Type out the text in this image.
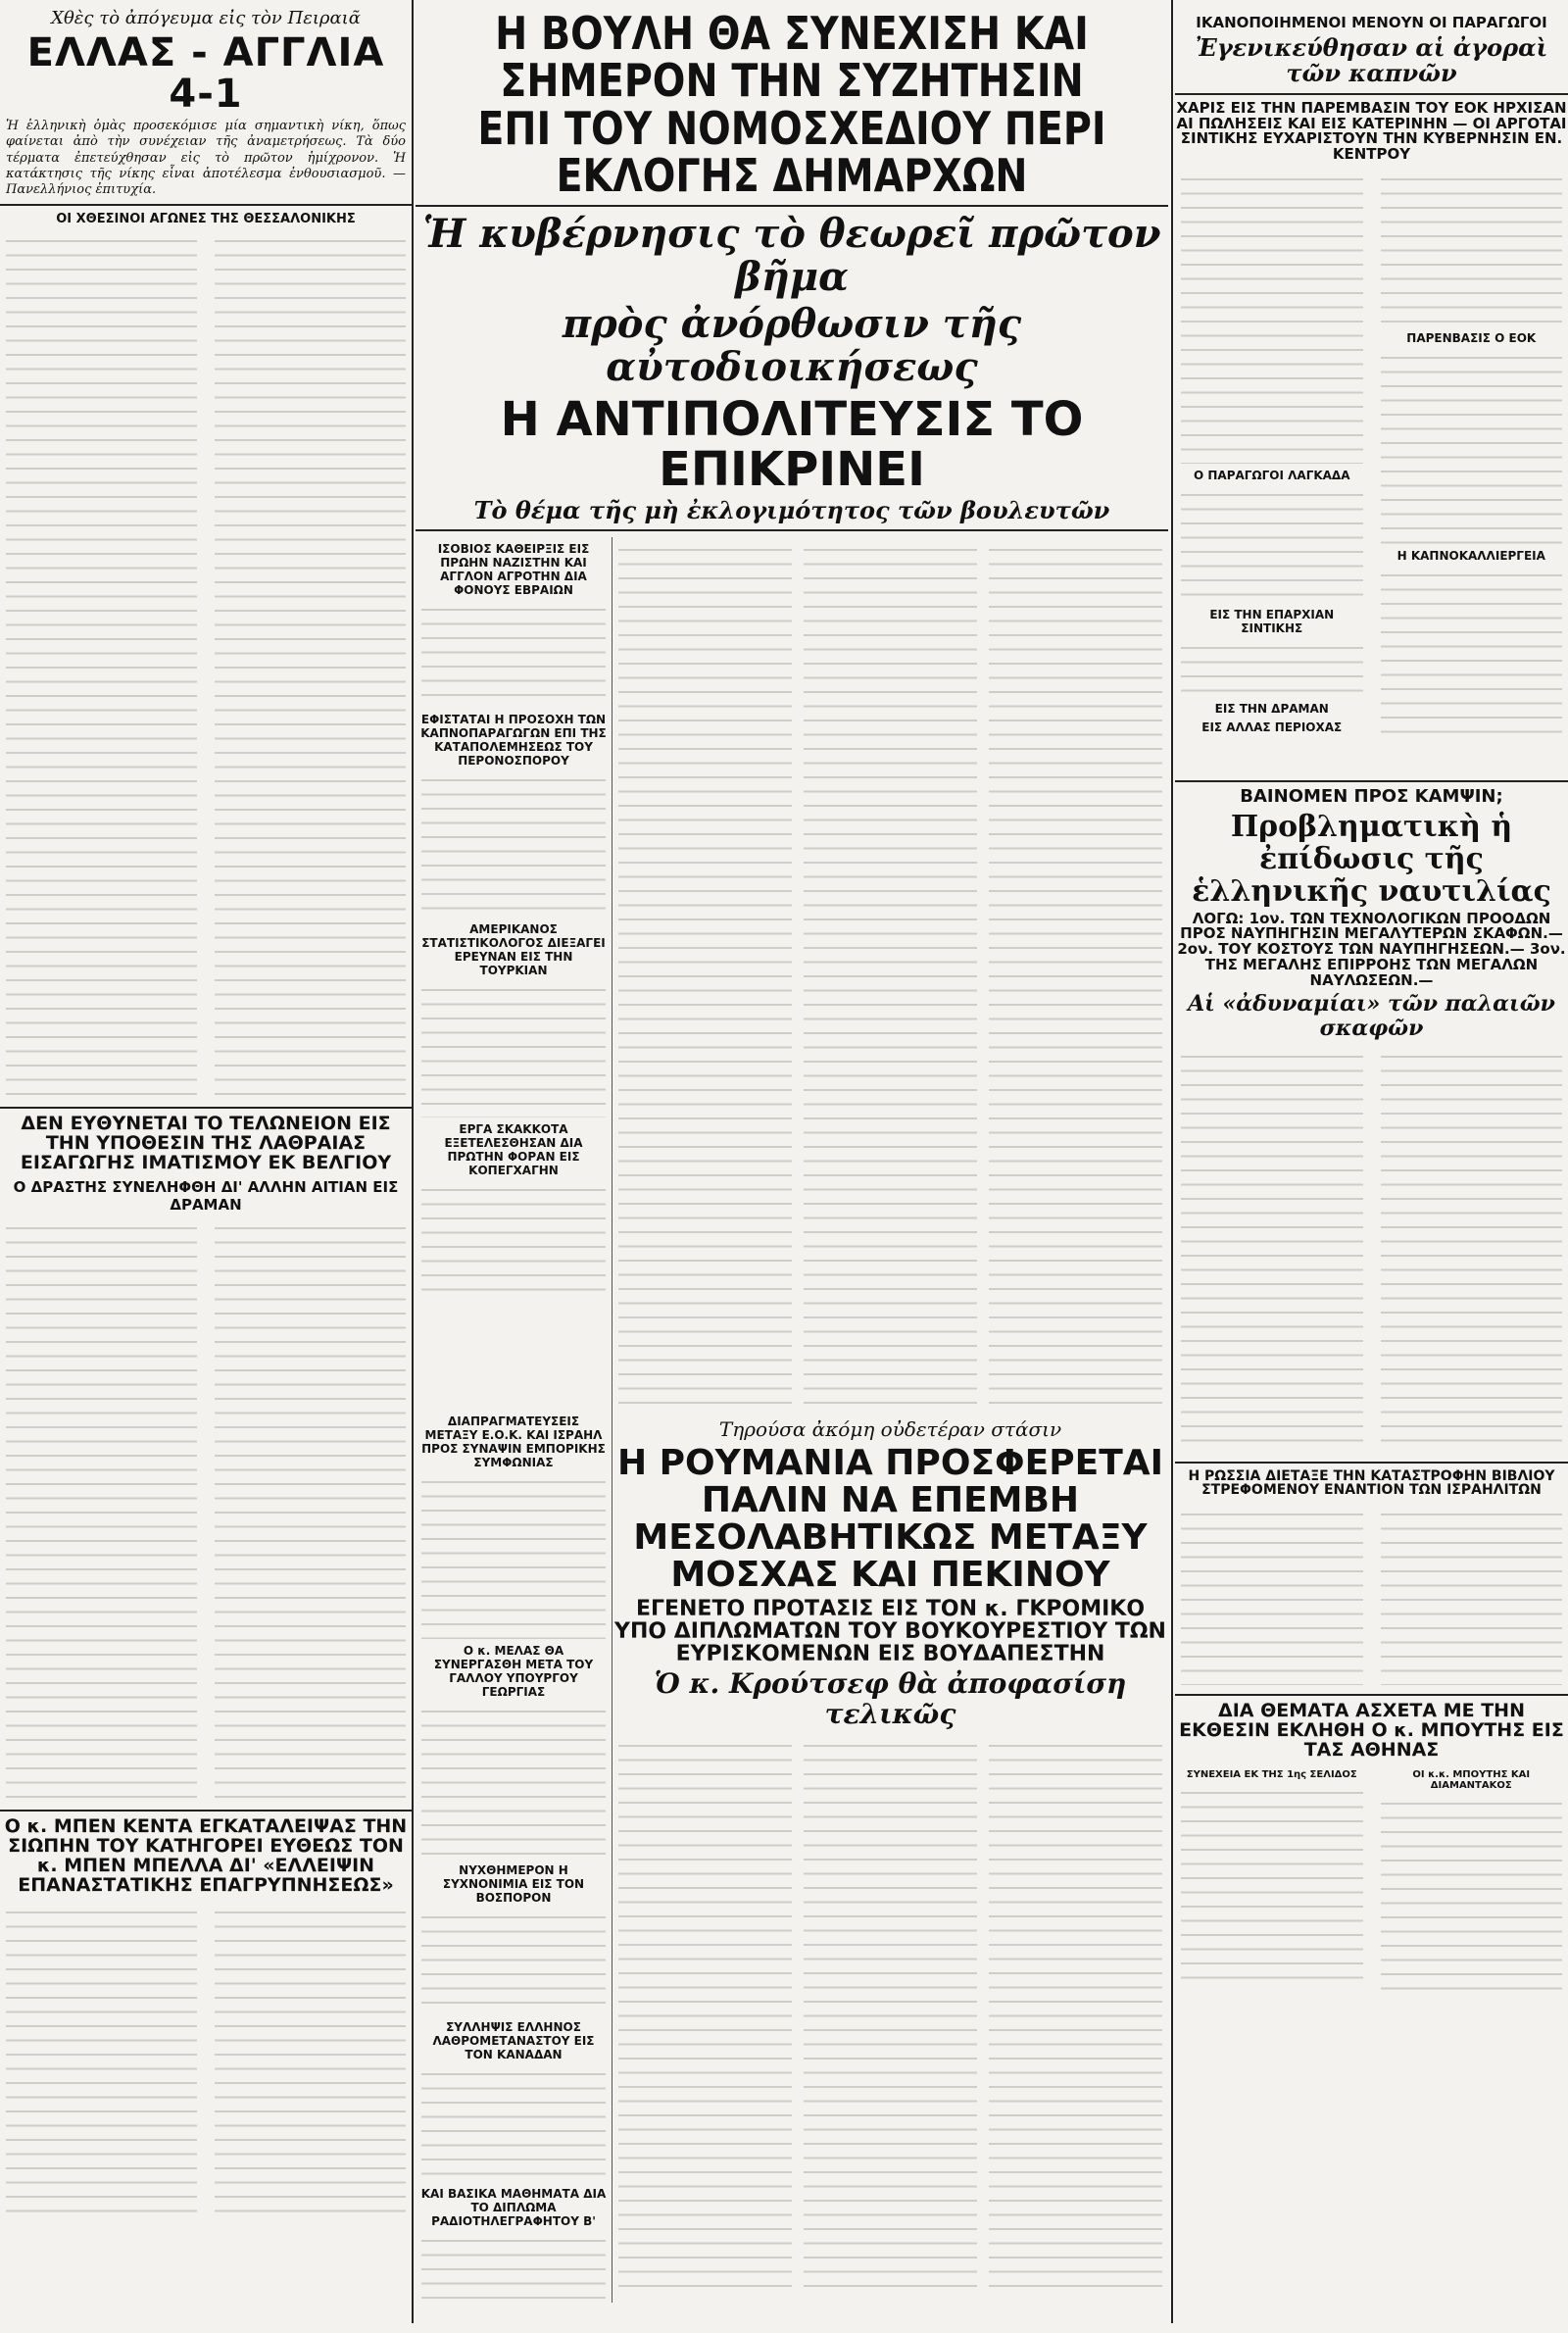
Χθὲς τὸ ἀπόγευμα εἰς τὸν Πειραιᾶ
ΕΛΛΑΣ - ΑΓΓΛΙΑ 4-1
Ἡ ἑλληνικὴ ὁμὰς προσεκόμισε μία σημαντικὴ νίκη, ὅπως φαίνεται ἀπὸ τὴν συνέχειαν τῆς ἀναμετρήσεως. Τὰ δύο τέρματα ἐπετεύχθησαν εἰς τὸ πρῶτον ἡμίχρονον. Ἡ κατάκτησις τῆς νίκης εἶναι ἀποτέλεσμα ἐνθουσιασμοῦ. — Πανελλήνιος ἐπιτυχία.
ΟΙ ΧΘΕΣΙΝΟΙ ΑΓΩΝΕΣ ΤΗΣ ΘΕΣΣΑΛΟΝΙΚΗΣ
ΔΕΝ ΕΥΘΥΝΕΤΑΙ ΤΟ ΤΕΛΩΝΕΙΟΝ ΕΙΣ ΤΗΝ ΥΠΟΘΕΣΙΝ ΤΗΣ ΛΑΘΡΑΙΑΣ ΕΙΣΑΓΩΓΗΣ ΙΜΑΤΙΣΜΟΥ ΕΚ ΒΕΛΓΙΟΥ
Ο ΔΡΑΣΤΗΣ ΣΥΝΕΛΗΦΘΗ ΔΙ' ΑΛΛΗΝ ΑΙΤΙΑΝ ΕΙΣ ΔΡΑΜΑΝ
Ο κ. ΜΠΕΝ ΚΕΝΤΑ ΕΓΚΑΤΑΛΕΙΨΑΣ ΤΗΝ ΣΙΩΠΗΝ ΤΟΥ ΚΑΤΗΓΟΡΕΙ ΕΥΘΕΩΣ ΤΟΝ κ. ΜΠΕΝ ΜΠΕΛΛΑ ΔΙ' «ΕΛΛΕΙΨΙΝ ΕΠΑΝΑΣΤΑΤΙΚΗΣ ΕΠΑΓΡΥΠΝΗΣΕΩΣ»
Η ΒΟΥΛΗ ΘΑ ΣΥΝΕΧΙΣΗ ΚΑΙ ΣΗΜΕΡΟΝ ΤΗΝ ΣΥΖΗΤΗΣΙΝ ΕΠΙ ΤΟΥ ΝΟΜΟΣΧΕΔΙΟΥ ΠΕΡΙ ΕΚΛΟΓΗΣ ΔΗΜΑΡΧΩΝ
Ἡ κυβέρνησις τὸ θεωρεῖ πρῶτον βῆμα
πρὸς ἀνόρθωσιν τῆς αὐτοδιοικήσεως
Η ΑΝΤΙΠΟΛΙΤΕΥΣΙΣ ΤΟ ΕΠΙΚΡΙΝΕΙ
Τὸ θέμα τῆς μὴ ἐκλογιμότητος τῶν βουλευτῶν
ΙΣΟΒΙΟΣ ΚΑΘΕΙΡΞΙΣ ΕΙΣ ΠΡΩΗΝ ΝΑΖΙΣΤΗΝ ΚΑΙ ΑΓΓΛΟΝ ΑΓΡΟΤΗΝ ΔΙΑ ΦΟΝΟΥΣ ΕΒΡΑΙΩΝ
ΕΦΙΣΤΑΤΑΙ Η ΠΡΟΣΟΧΗ ΤΩΝ ΚΑΠΝΟΠΑΡΑΓΩΓΩΝ ΕΠΙ ΤΗΣ ΚΑΤΑΠΟΛΕΜΗΣΕΩΣ ΤΟΥ ΠΕΡΟΝΟΣΠΟΡΟΥ
ΑΜΕΡΙΚΑΝΟΣ ΣΤΑΤΙΣΤΙΚΟΛΟΓΟΣ ΔΙΕΞΑΓΕΙ ΕΡΕΥΝΑΝ ΕΙΣ ΤΗΝ ΤΟΥΡΚΙΑΝ
ΕΡΓΑ ΣΚΑΚΚΟΤΑ ΕΞΕΤΕΛΕΣΘΗΣΑΝ ΔΙΑ ΠΡΩΤΗΝ ΦΟΡΑΝ ΕΙΣ ΚΟΠΕΓΧΑΓΗΝ
ΔΙΑΠΡΑΓΜΑΤΕΥΣΕΙΣ ΜΕΤΑΞΥ Ε.Ο.Κ. ΚΑΙ ΙΣΡΑΗΛ ΠΡΟΣ ΣΥΝΑΨΙΝ ΕΜΠΟΡΙΚΗΣ ΣΥΜΦΩΝΙΑΣ
Ο κ. ΜΕΛΑΣ ΘΑ ΣΥΝΕΡΓΑΣΘΗ ΜΕΤΑ ΤΟΥ ΓΑΛΛΟΥ ΥΠΟΥΡΓΟΥ ΓΕΩΡΓΙΑΣ
ΝΥΧΘΗΜΕΡΟΝ Η ΣΥΧΝΟΝΙΜΙΑ ΕΙΣ ΤΟΝ ΒΟΣΠΟΡΟΝ
ΣΥΛΛΗΨΙΣ ΕΛΛΗΝΟΣ ΛΑΘΡΟΜΕΤΑΝΑΣΤΟΥ ΕΙΣ ΤΟΝ ΚΑΝΑΔΑΝ
ΚΑΙ ΒΑΣΙΚΑ ΜΑΘΗΜΑΤΑ ΔΙΑ ΤΟ ΔΙΠΛΩΜΑ ΡΑΔΙΟΤΗΛΕΓΡΑΦΗΤΟΥ Β'
Τηρούσα ἀκόμη οὐδετέραν στάσιν
Η ΡΟΥΜΑΝΙΑ ΠΡΟΣΦΕΡΕΤΑΙ ΠΑΛΙΝ ΝΑ ΕΠΕΜΒΗ ΜΕΣΟΛΑΒΗΤΙΚΩΣ ΜΕΤΑΞΥ ΜΟΣΧΑΣ ΚΑΙ ΠΕΚΙΝΟΥ
ΕΓΕΝΕΤΟ ΠΡΟΤΑΣΙΣ ΕΙΣ ΤΟΝ κ. ΓΚΡΟΜΙΚΟ ΥΠΟ ΔΙΠΛΩΜΑΤΩΝ ΤΟΥ ΒΟΥΚΟΥΡΕΣΤΙΟΥ ΤΩΝ ΕΥΡΙΣΚΟΜΕΝΩΝ ΕΙΣ ΒΟΥΔΑΠΕΣΤΗΝ
Ὁ κ. Κρούτσεφ θὰ ἀποφασίση τελικῶς
ΙΚΑΝΟΠΟΙΗΜΕΝΟΙ ΜΕΝΟΥΝ ΟΙ ΠΑΡΑΓΩΓΟΙ
Ἐγενικεύθησαν αἱ ἀγοραὶ τῶν καπνῶν
ΧΑΡΙΣ ΕΙΣ ΤΗΝ ΠΑΡΕΜΒΑΣΙΝ ΤΟΥ ΕΟΚ ΗΡΧΙΣΑΝ ΑΙ ΠΩΛΗΣΕΙΣ ΚΑΙ ΕΙΣ ΚΑΤΕΡΙΝΗΝ — ΟΙ ΑΡΓΟΤΑΙ ΣΙΝΤΙΚΗΣ ΕΥΧΑΡΙΣΤΟΥΝ ΤΗΝ ΚΥΒΕΡΝΗΣΙΝ ΕΝ. ΚΕΝΤΡΟΥ
Ο ΠΑΡΑΓΩΓΟΙ ΛΑΓΚΑΔΑ
ΕΙΣ ΤΗΝ ΕΠΑΡΧΙΑΝ ΣΙΝΤΙΚΗΣ
ΕΙΣ ΤΗΝ ΔΡΑΜΑΝ
ΕΙΣ ΑΛΛΑΣ ΠΕΡΙΟΧΑΣ
ΠΑΡΕΝΒΑΣΙΣ Ο ΕΟΚ
Η ΚΑΠΝΟΚΑΛΛΙΕΡΓΕΙΑ
ΒΑΙΝΟΜΕΝ ΠΡΟΣ ΚΑΜΨΙΝ;
Προβληματικὴ ἡ ἐπίδωσις τῆς ἑλληνικῆς ναυτιλίας
ΛΟΓΩ: 1ον. ΤΩΝ ΤΕΧΝΟΛΟΓΙΚΩΝ ΠΡΟΟΔΩΝ ΠΡΟΣ ΝΑΥΠΗΓΗΣΙΝ ΜΕΓΑΛΥΤΕΡΩΝ ΣΚΑΦΩΝ.— 2ον. ΤΟΥ ΚΟΣΤΟΥΣ ΤΩΝ ΝΑΥΠΗΓΗΣΕΩΝ.— 3ον. ΤΗΣ ΜΕΓΑΛΗΣ ΕΠΙΡΡΟΗΣ ΤΩΝ ΜΕΓΑΛΩΝ ΝΑΥΛΩΣΕΩΝ.—
Αἱ «ἀδυναμίαι» τῶν παλαιῶν σκαφῶν
Η ΡΩΣΣΙΑ ΔΙΕΤΑΞΕ ΤΗΝ ΚΑΤΑΣΤΡΟΦΗΝ ΒΙΒΛΙΟΥ ΣΤΡΕΦΟΜΕΝΟΥ ΕΝΑΝΤΙΟΝ ΤΩΝ ΙΣΡΑΗΛΙΤΩΝ
ΔΙΑ ΘΕΜΑΤΑ ΑΣΧΕΤΑ ΜΕ ΤΗΝ ΕΚΘΕΣΙΝ ΕΚΛΗΘΗ Ο κ. ΜΠΟΥΤΗΣ ΕΙΣ ΤΑΣ ΑΘΗΝΑΣ
ΣΥΝΕΧΕΙΑ ΕΚ ΤΗΣ 1ης ΣΕΛΙΔΟΣ	ΟΙ κ.κ. ΜΠΟΥΤΗΣ ΚΑΙ ΔΙΑΜΑΝΤΑΚΟΣ
